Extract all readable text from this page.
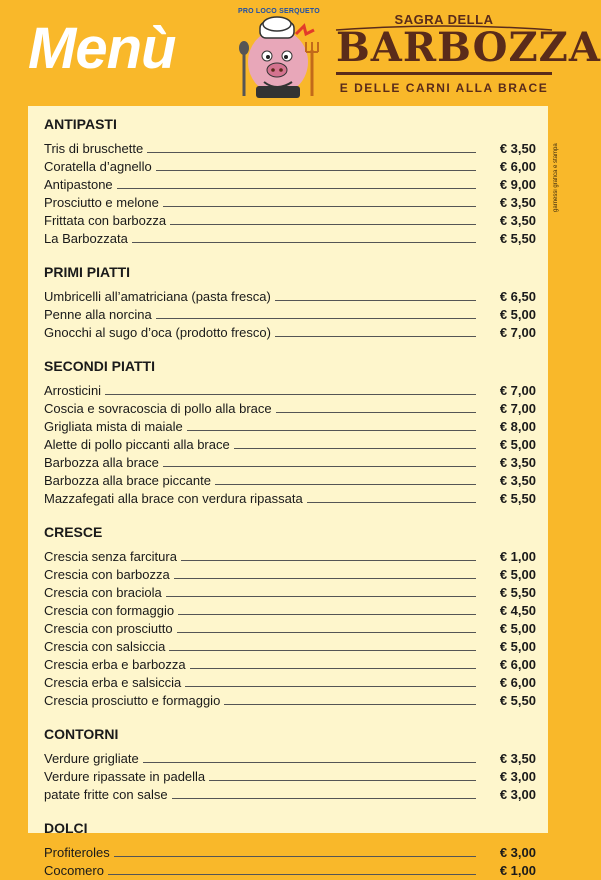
Menù
PRO LOCO SERQUETO
SAGRA DELLA
BARBOZZA
E DELLE CARNI ALLA BRACE
garnessi grafica e stampa
ANTIPASTI
Tris di bruschette	€ 3,50
Coratella d’agnello	€ 6,00
Antipastone	€ 9,00
Prosciutto e melone	€ 3,50
Frittata con barbozza	€ 3,50
La Barbozzata	€ 5,50
PRIMI PIATTI
Umbricelli all’amatriciana (pasta fresca)	€ 6,50
Penne alla norcina	€ 5,00
Gnocchi al sugo d’oca (prodotto fresco)	€ 7,00
SECONDI PIATTI
Arrosticini	€ 7,00
Coscia e sovracoscia di pollo alla brace	€ 7,00
Grigliata mista di maiale	€ 8,00
Alette di pollo piccanti alla brace	€ 5,00
Barbozza alla brace	€ 3,50
Barbozza alla brace piccante	€ 3,50
Mazzafegati alla brace con verdura ripassata	€ 5,50
CRESCE
Crescia senza farcitura	€ 1,00
Crescia con barbozza	€ 5,00
Crescia con braciola	€ 5,50
Crescia con formaggio	€ 4,50
Crescia con prosciutto	€ 5,00
Crescia con salsiccia	€ 5,00
Crescia erba e barbozza	€ 6,00
Crescia erba e salsiccia	€ 6,00
Crescia prosciutto e formaggio	€ 5,50
CONTORNI
Verdure grigliate	€ 3,50
Verdure ripassate in padella	€ 3,00
patate fritte con salse	€ 3,00
DOLCI
Profiteroles	€ 3,00
Cocomero	€ 1,00
